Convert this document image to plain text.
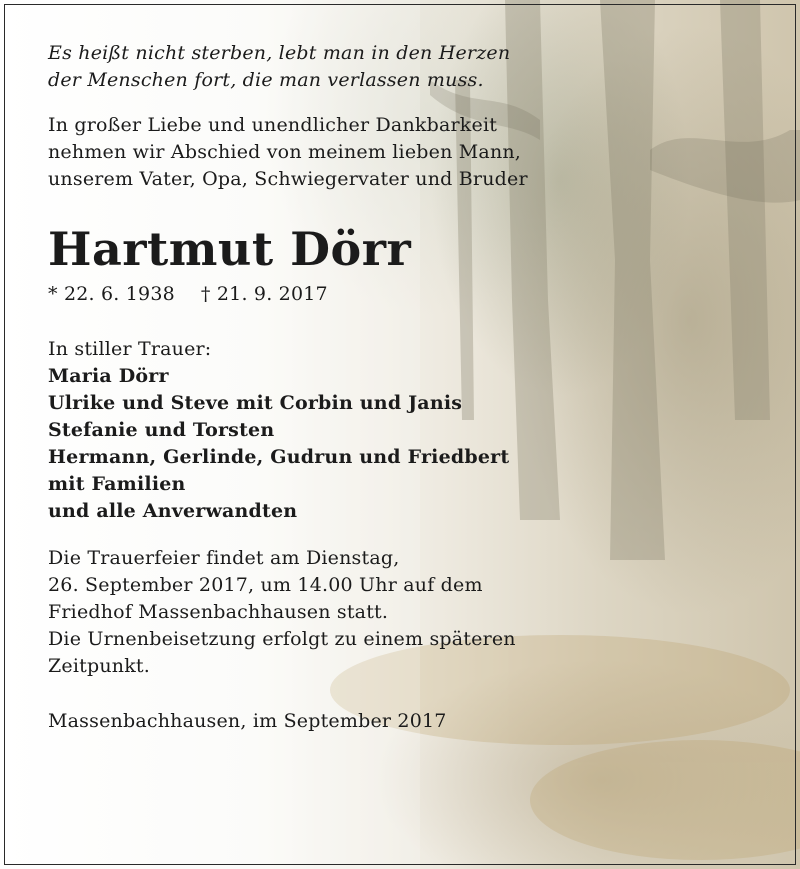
Es heißt nicht sterben, lebt man in den Herzen
der Menschen fort, die man verlassen muss.
In großer Liebe und unendlicher Dankbarkeit
nehmen wir Abschied von meinem lieben Mann,
unserem Vater, Opa, Schwiegervater und Bruder
Hartmut Dörr
* 22. 6. 1938 † 21. 9. 2017
In stiller Trauer:
Maria Dörr
Ulrike und Steve mit Corbin und Janis
Stefanie und Torsten
Hermann, Gerlinde, Gudrun und Friedbert
mit Familien
und alle Anverwandten
Die Trauerfeier findet am Dienstag,
26. September 2017, um 14.00 Uhr auf dem
Friedhof Massenbachhausen statt.
Die Urnenbeisetzung erfolgt zu einem späteren
Zeitpunkt.
Massenbachhausen, im September 2017
